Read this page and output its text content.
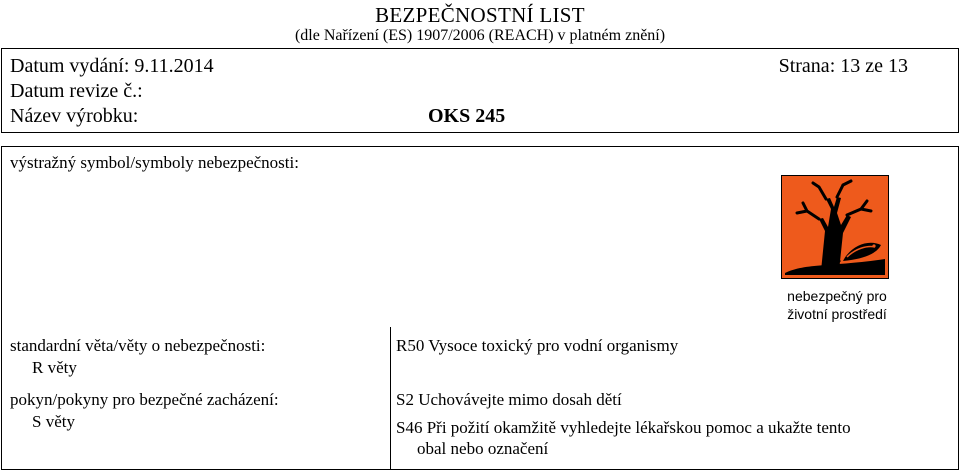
BEZPEČNOSTNÍ LIST
(dle Nařízení (ES) 1907/2006 (REACH) v platném znění)
Datum vydání: 9.11.2014	Strana: 13 ze 13
Datum revize č.:
Název výrobku:	OKS 245
výstražný symbol/symboly nebezpečnosti:
nebezpečný pro
životní prostředí
standardní věta/věty o nebezpečnosti:
R věty
pokyn/pokyny pro bezpečné zacházení:
S věty
R50 Vysoce toxický pro vodní organismy
S2 Uchovávejte mimo dosah dětí
S46 Při požití okamžitě vyhledejte lékařskou pomoc a ukažte tento
obal nebo označení
